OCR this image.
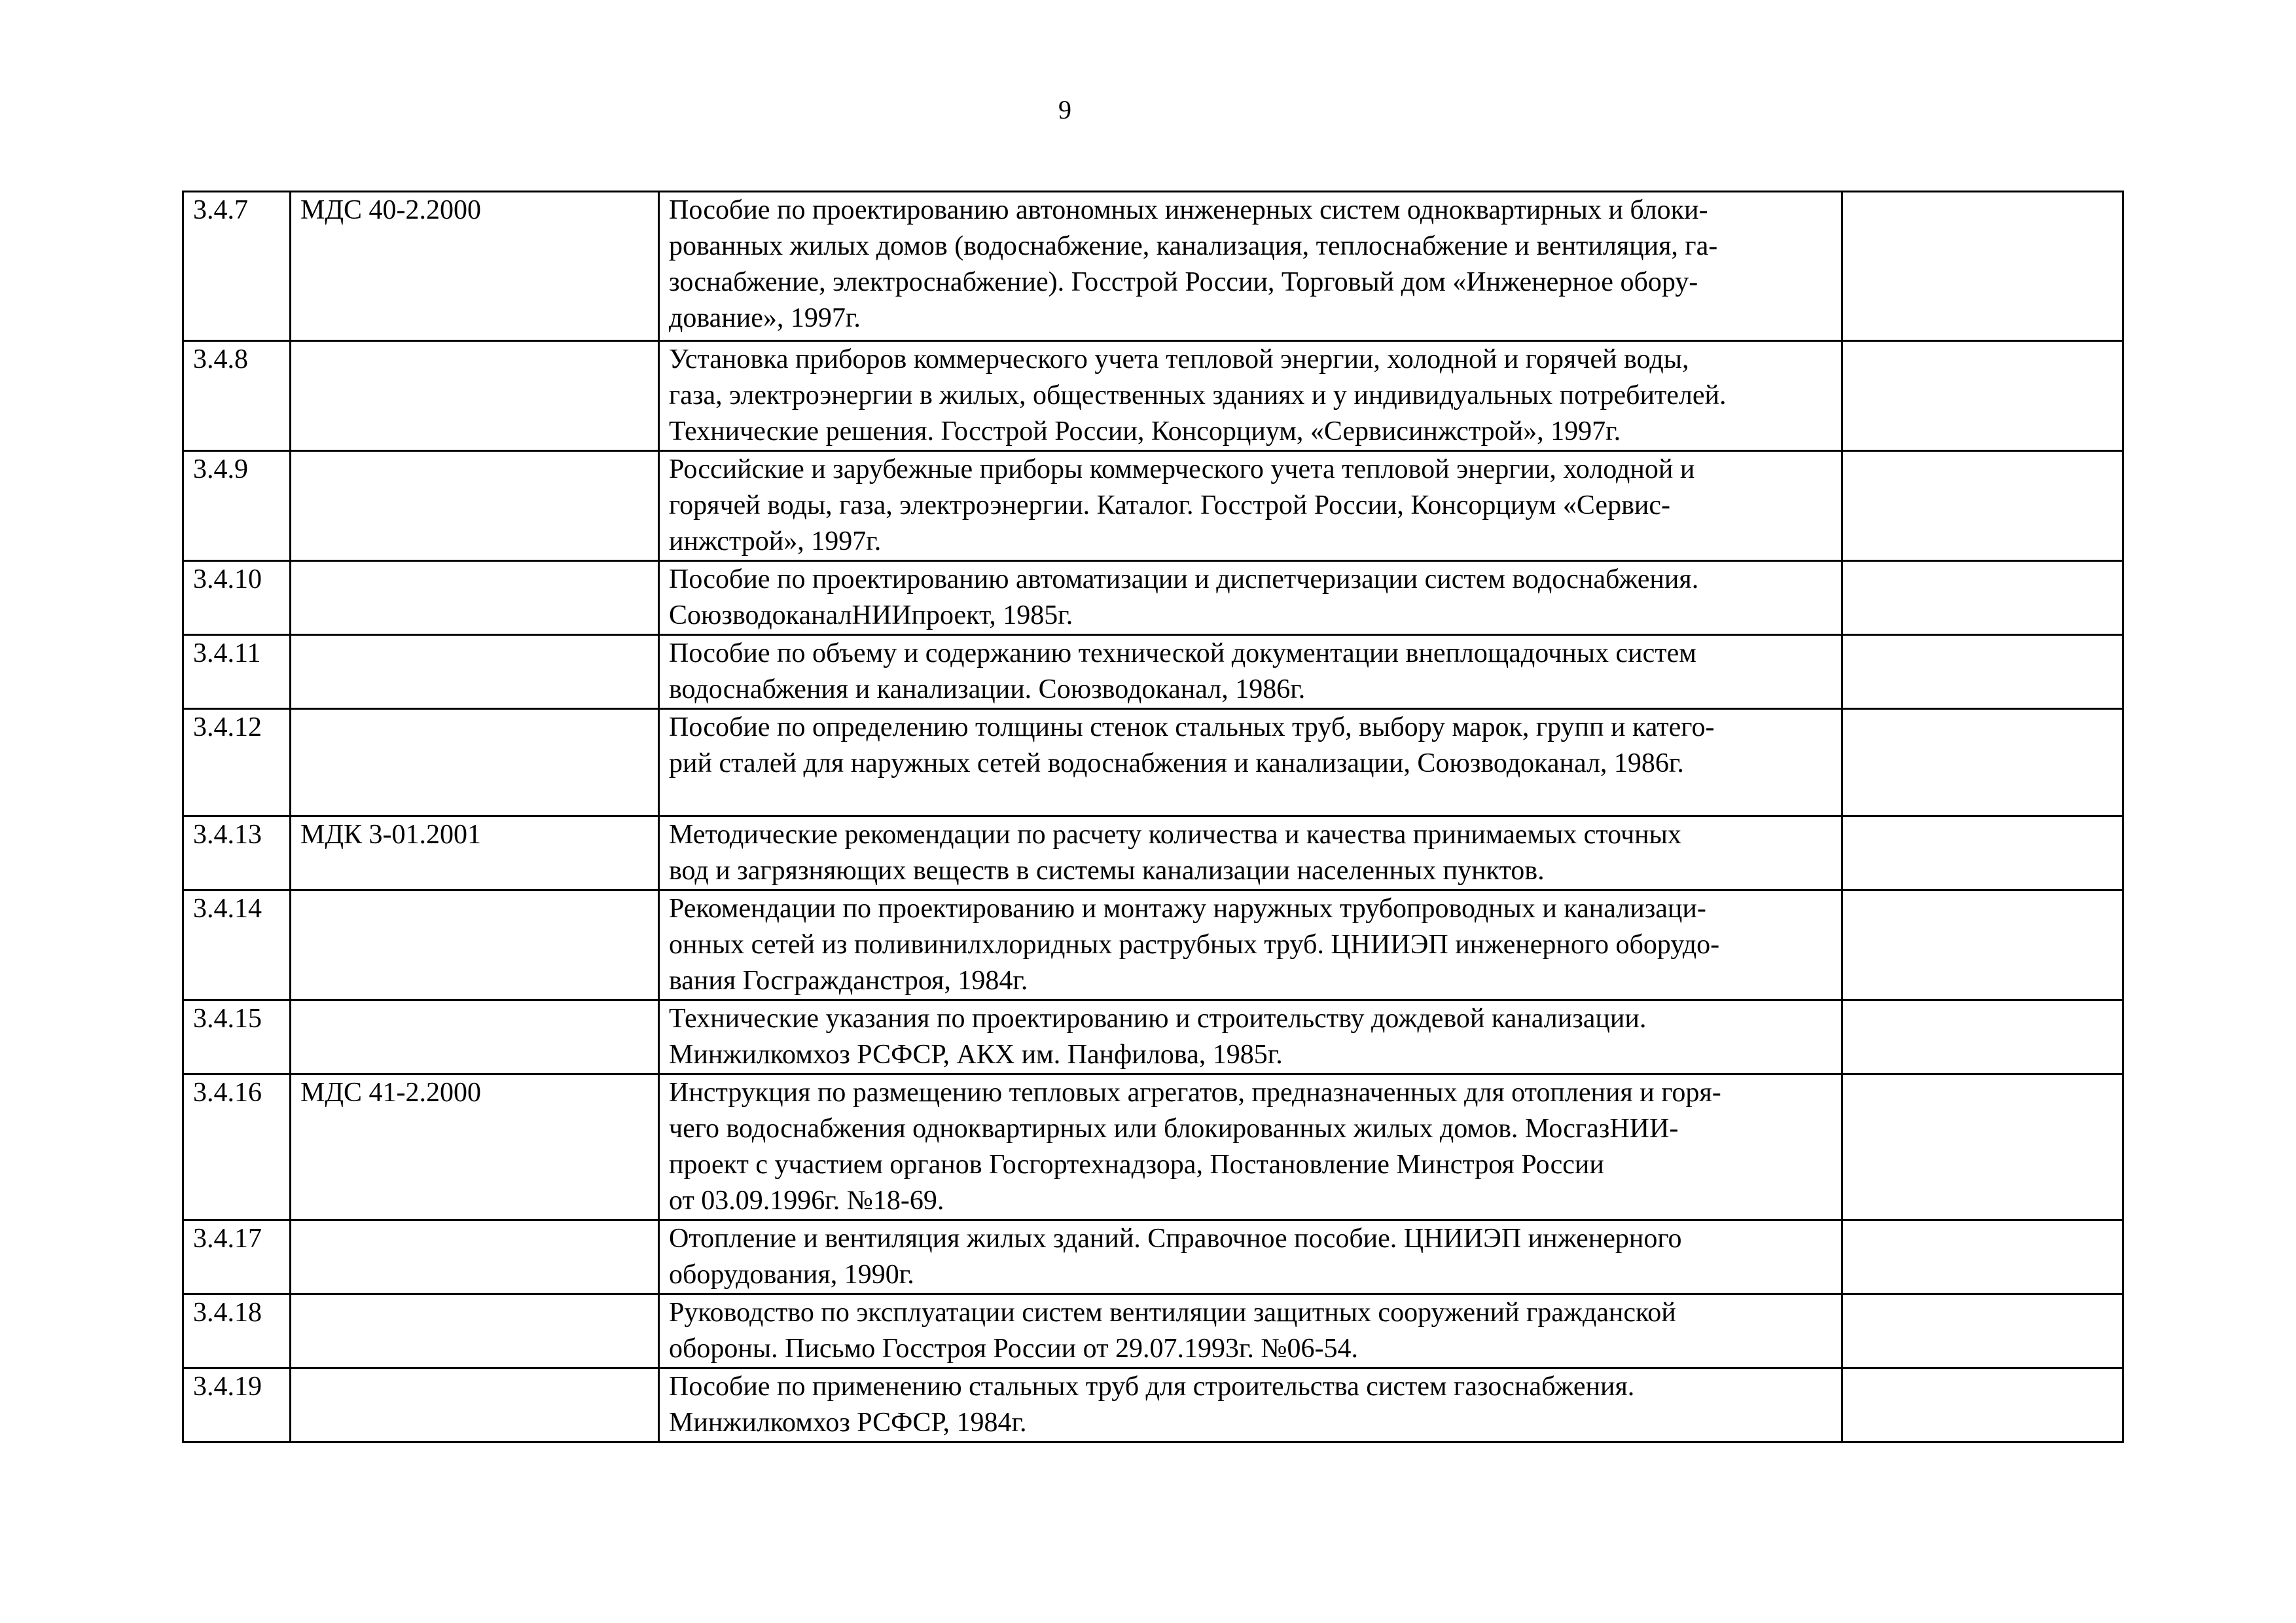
9
3.4.7	МДС 40-2.2000	Пособие по проектированию автономных инженерных систем одноквартирных и блоки-
рованных жилых домов (водоснабжение, канализация, теплоснабжение и вентиляция, га-
зоснабжение, электроснабжение). Госстрой России, Торговый дом «Инженерное обору-
дование», 1997г.	

3.4.8		Установка приборов коммерческого учета тепловой энергии, холодной и горячей воды,
газа, электроэнергии в жилых, общественных зданиях и у индивидуальных потребителей.
Технические решения. Госстрой России, Консорциум, «Сервисинжстрой», 1997г.	

3.4.9		Российские и зарубежные приборы коммерческого учета тепловой энергии, холодной и
горячей воды, газа, электроэнергии. Каталог. Госстрой России, Консорциум «Сервис-
инжстрой», 1997г.	

3.4.10		Пособие по проектированию автоматизации и диспетчеризации систем водоснабжения.
СоюзводоканалНИИпроект, 1985г.	

3.4.11		Пособие по объему и содержанию технической документации внеплощадочных систем
водоснабжения и канализации. Союзводоканал, 1986г.	

3.4.12		Пособие по определению толщины стенок стальных труб, выбору марок, групп и катего-
рий сталей для наружных сетей водоснабжения и канализации, Союзводоканал, 1986г.	

3.4.13	МДК 3-01.2001	Методические рекомендации по расчету количества и качества принимаемых сточных
вод и загрязняющих веществ в системы канализации населенных пунктов.	

3.4.14		Рекомендации по проектированию и монтажу наружных трубопроводных и канализаци-
онных сетей из поливинилхлоридных раструбных труб. ЦНИИЭП инженерного оборудо-
вания Госгражданстроя, 1984г.	

3.4.15		Технические указания по проектированию и строительству дождевой канализации.
Минжилкомхоз РСФСР, АКХ им. Панфилова, 1985г.	

3.4.16	МДС 41-2.2000	Инструкция по размещению тепловых агрегатов, предназначенных для отопления и горя-
чего водоснабжения одноквартирных или блокированных жилых домов. МосгазНИИ-
проект с участием органов Госгортехнадзора, Постановление Минстроя России
от 03.09.1996г. №18-69.	

3.4.17		Отопление и вентиляция жилых зданий. Справочное пособие. ЦНИИЭП инженерного
оборудования, 1990г.	

3.4.18		Руководство по эксплуатации систем вентиляции защитных сооружений гражданской
обороны. Письмо Госстроя России от 29.07.1993г. №06-54.	

3.4.19		Пособие по применению стальных труб для строительства систем газоснабжения.
Минжилкомхоз РСФСР, 1984г.	
